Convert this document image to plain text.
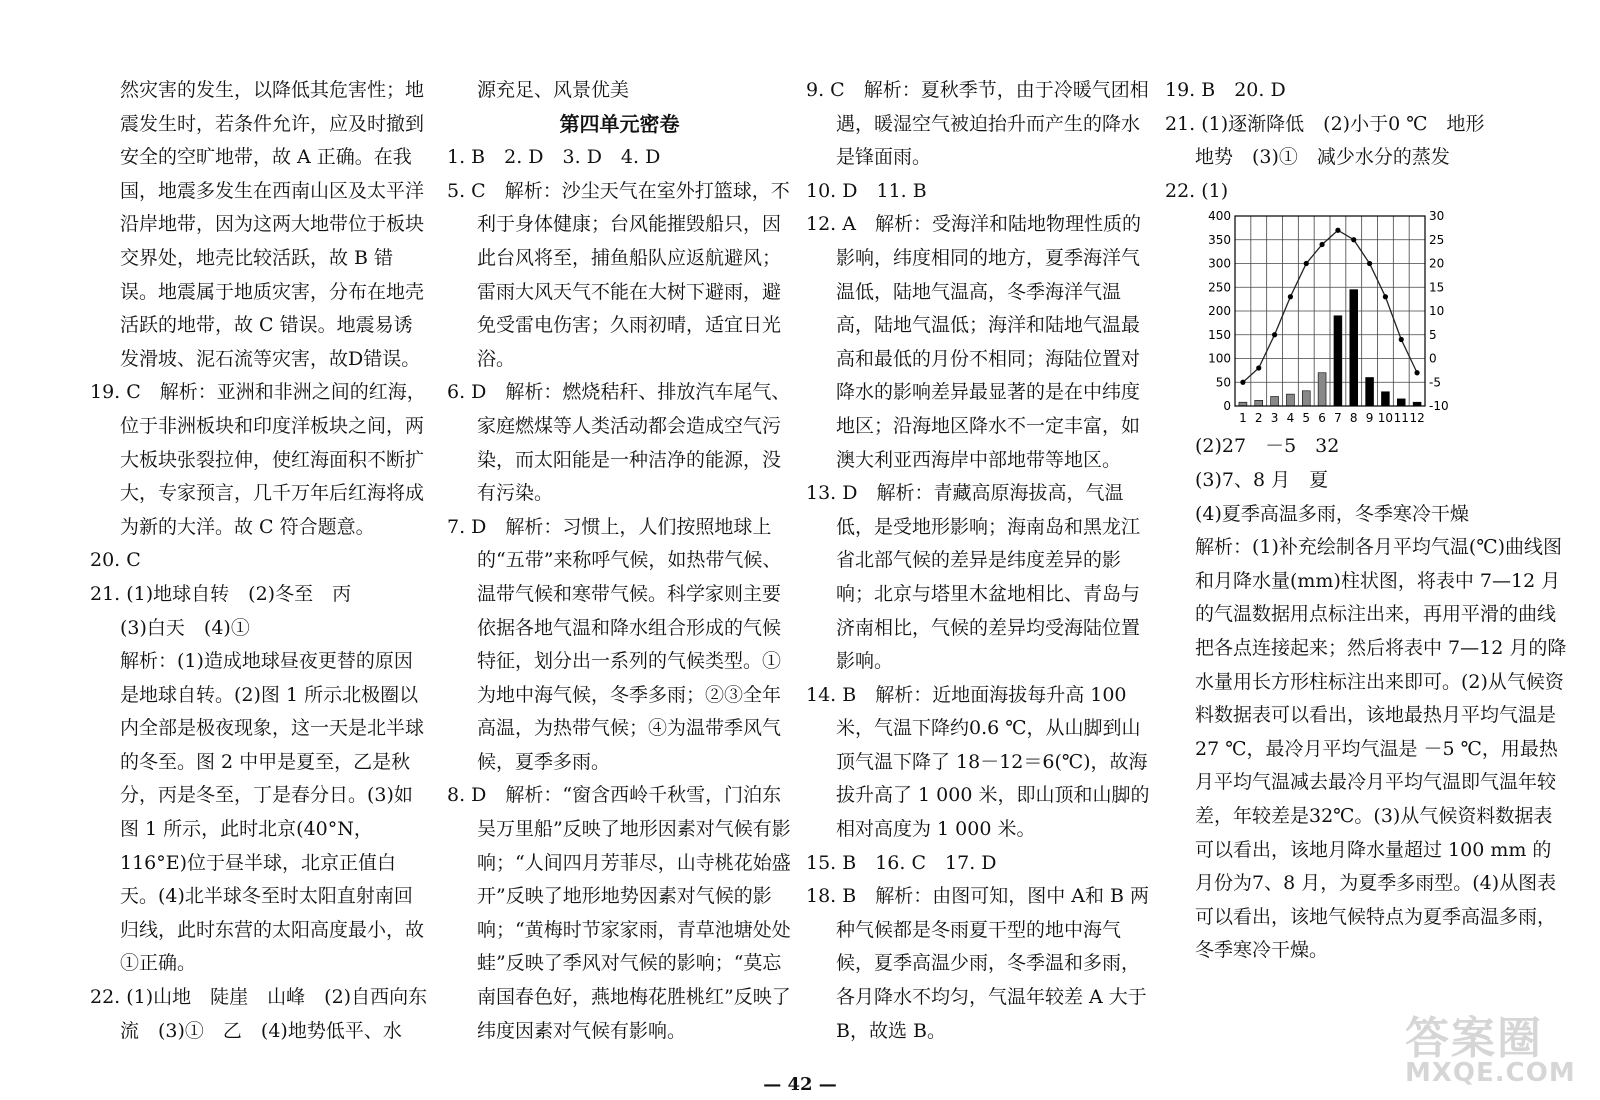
然灾害的发生，以降低其危害性；地震发生时，若条件允许，应及时撤到安全的空旷地带，故 A 正确。在我国，地震多发生在西南山区及太平洋沿岸地带，因为这两大地带位于板块交界处，地壳比较活跃，故 B 错误。地震属于地质灾害，分布在地壳活跃的地带，故 C 错误。地震易诱发滑坡、泥石流等灾害，故D错误。

19. C　解析：亚洲和非洲之间的红海，位于非洲板块和印度洋板块之间，两大板块张裂拉伸，使红海面积不断扩大，专家预言，几千万年后红海将成为新的大洋。故 C 符合题意。

20. C

21. (1)地球自转　(2)冬至　丙

(3)白天　(4)①

解析：(1)造成地球昼夜更替的原因是地球自转。(2)图 1 所示北极圈以内全部是极夜现象，这一天是北半球的冬至。图 2 中甲是夏至，乙是秋分，丙是冬至，丁是春分日。(3)如图 1 所示，此时北京(40°N，116°E)位于昼半球，北京正值白天。(4)北半球冬至时太阳直射南回归线，此时东营的太阳高度最小，故①正确。

22. (1)山地　陡崖　山峰　(2)自西向东流　(3)①　乙　(4)地势低平、水

源充足、风景优美

第四单元密卷

1. B　2. D　3. D　4. D

5. C　解析：沙尘天气在室外打篮球，不利于身体健康；台风能摧毁船只，因此台风将至，捕鱼船队应返航避风；雷雨大风天气不能在大树下避雨，避免受雷电伤害；久雨初晴，适宜日光浴。

6. D　解析：燃烧秸秆、排放汽车尾气、家庭燃煤等人类活动都会造成空气污染，而太阳能是一种洁净的能源，没有污染。

7. D　解析：习惯上，人们按照地球上的“五带”来称呼气候，如热带气候、温带气候和寒带气候。科学家则主要依据各地气温和降水组合形成的气候特征，划分出一系列的气候类型。①为地中海气候，冬季多雨；②③全年高温，为热带气候；④为温带季风气候，夏季多雨。

8. D　解析：“窗含西岭千秋雪，门泊东吴万里船”反映了地形因素对气候有影响；“人间四月芳菲尽，山寺桃花始盛开”反映了地形地势因素对气候的影响；“黄梅时节家家雨，青草池塘处处蛙”反映了季风对气候的影响；“莫忘南国春色好，燕地梅花胜桃红”反映了纬度因素对气候有影响。

9. C　解析：夏秋季节，由于冷暖气团相遇，暖湿空气被迫抬升而产生的降水是锋面雨。

10. D　11. B

12. A　解析：受海洋和陆地物理性质的影响，纬度相同的地方，夏季海洋气温低，陆地气温高，冬季海洋气温高，陆地气温低；海洋和陆地气温最高和最低的月份不相同；海陆位置对降水的影响差异最显著的是在中纬度地区；沿海地区降水不一定丰富，如澳大利亚西海岸中部地带等地区。

13. D　解析：青藏高原海拔高，气温低，是受地形影响；海南岛和黑龙江省北部气候的差异是纬度差异的影响；北京与塔里木盆地相比、青岛与济南相比，气候的差异均受海陆位置影响。

14. B　解析：近地面海拔每升高 100 米，气温下降约0.6 ℃，从山脚到山顶气温下降了 18－12＝6(℃)，故海拔升高了 1 000 米，即山顶和山脚的相对高度为 1 000 米。

15. B　16. C　17. D

18. B　解析：由图可知，图中 A和 B 两种气候都是冬雨夏干型的地中海气候，夏季高温少雨，冬季温和多雨，各月降水不均匀，气温年较差 A 大于 B，故选 B。

19. B　20. D

21. (1)逐渐降低　(2)小于0 ℃　地形

地势　(3)①　减少水分的蒸发

22. (1)

0
50
100
150
200
250
300
350
400
-10
-5
0
5
10
15
20
25
30
1 2 3 4 5 6 7 8 9 10 11 12

(2)27　－5　32

(3)7、8 月　夏

(4)夏季高温多雨，冬季寒冷干燥

解析：(1)补充绘制各月平均气温(℃)曲线图和月降水量(mm)柱状图，将表中 7—12 月的气温数据用点标注出来，再用平滑的曲线把各点连接起来；然后将表中 7—12 月的降水量用长方形柱标注出来即可。(2)从气候资料数据表可以看出，该地最热月平均气温是 27 ℃，最冷月平均气温是 －5 ℃，用最热月平均气温减去最冷月平均气温即气温年较差，年较差是32℃。(3)从气候资料数据表可以看出，该地月降水量超过 100 mm 的月份为7、8 月，为夏季多雨型。(4)从图表可以看出，该地气候特点为夏季高温多雨，冬季寒冷干燥。

— 42 —
答案圈
MXQE.COM
